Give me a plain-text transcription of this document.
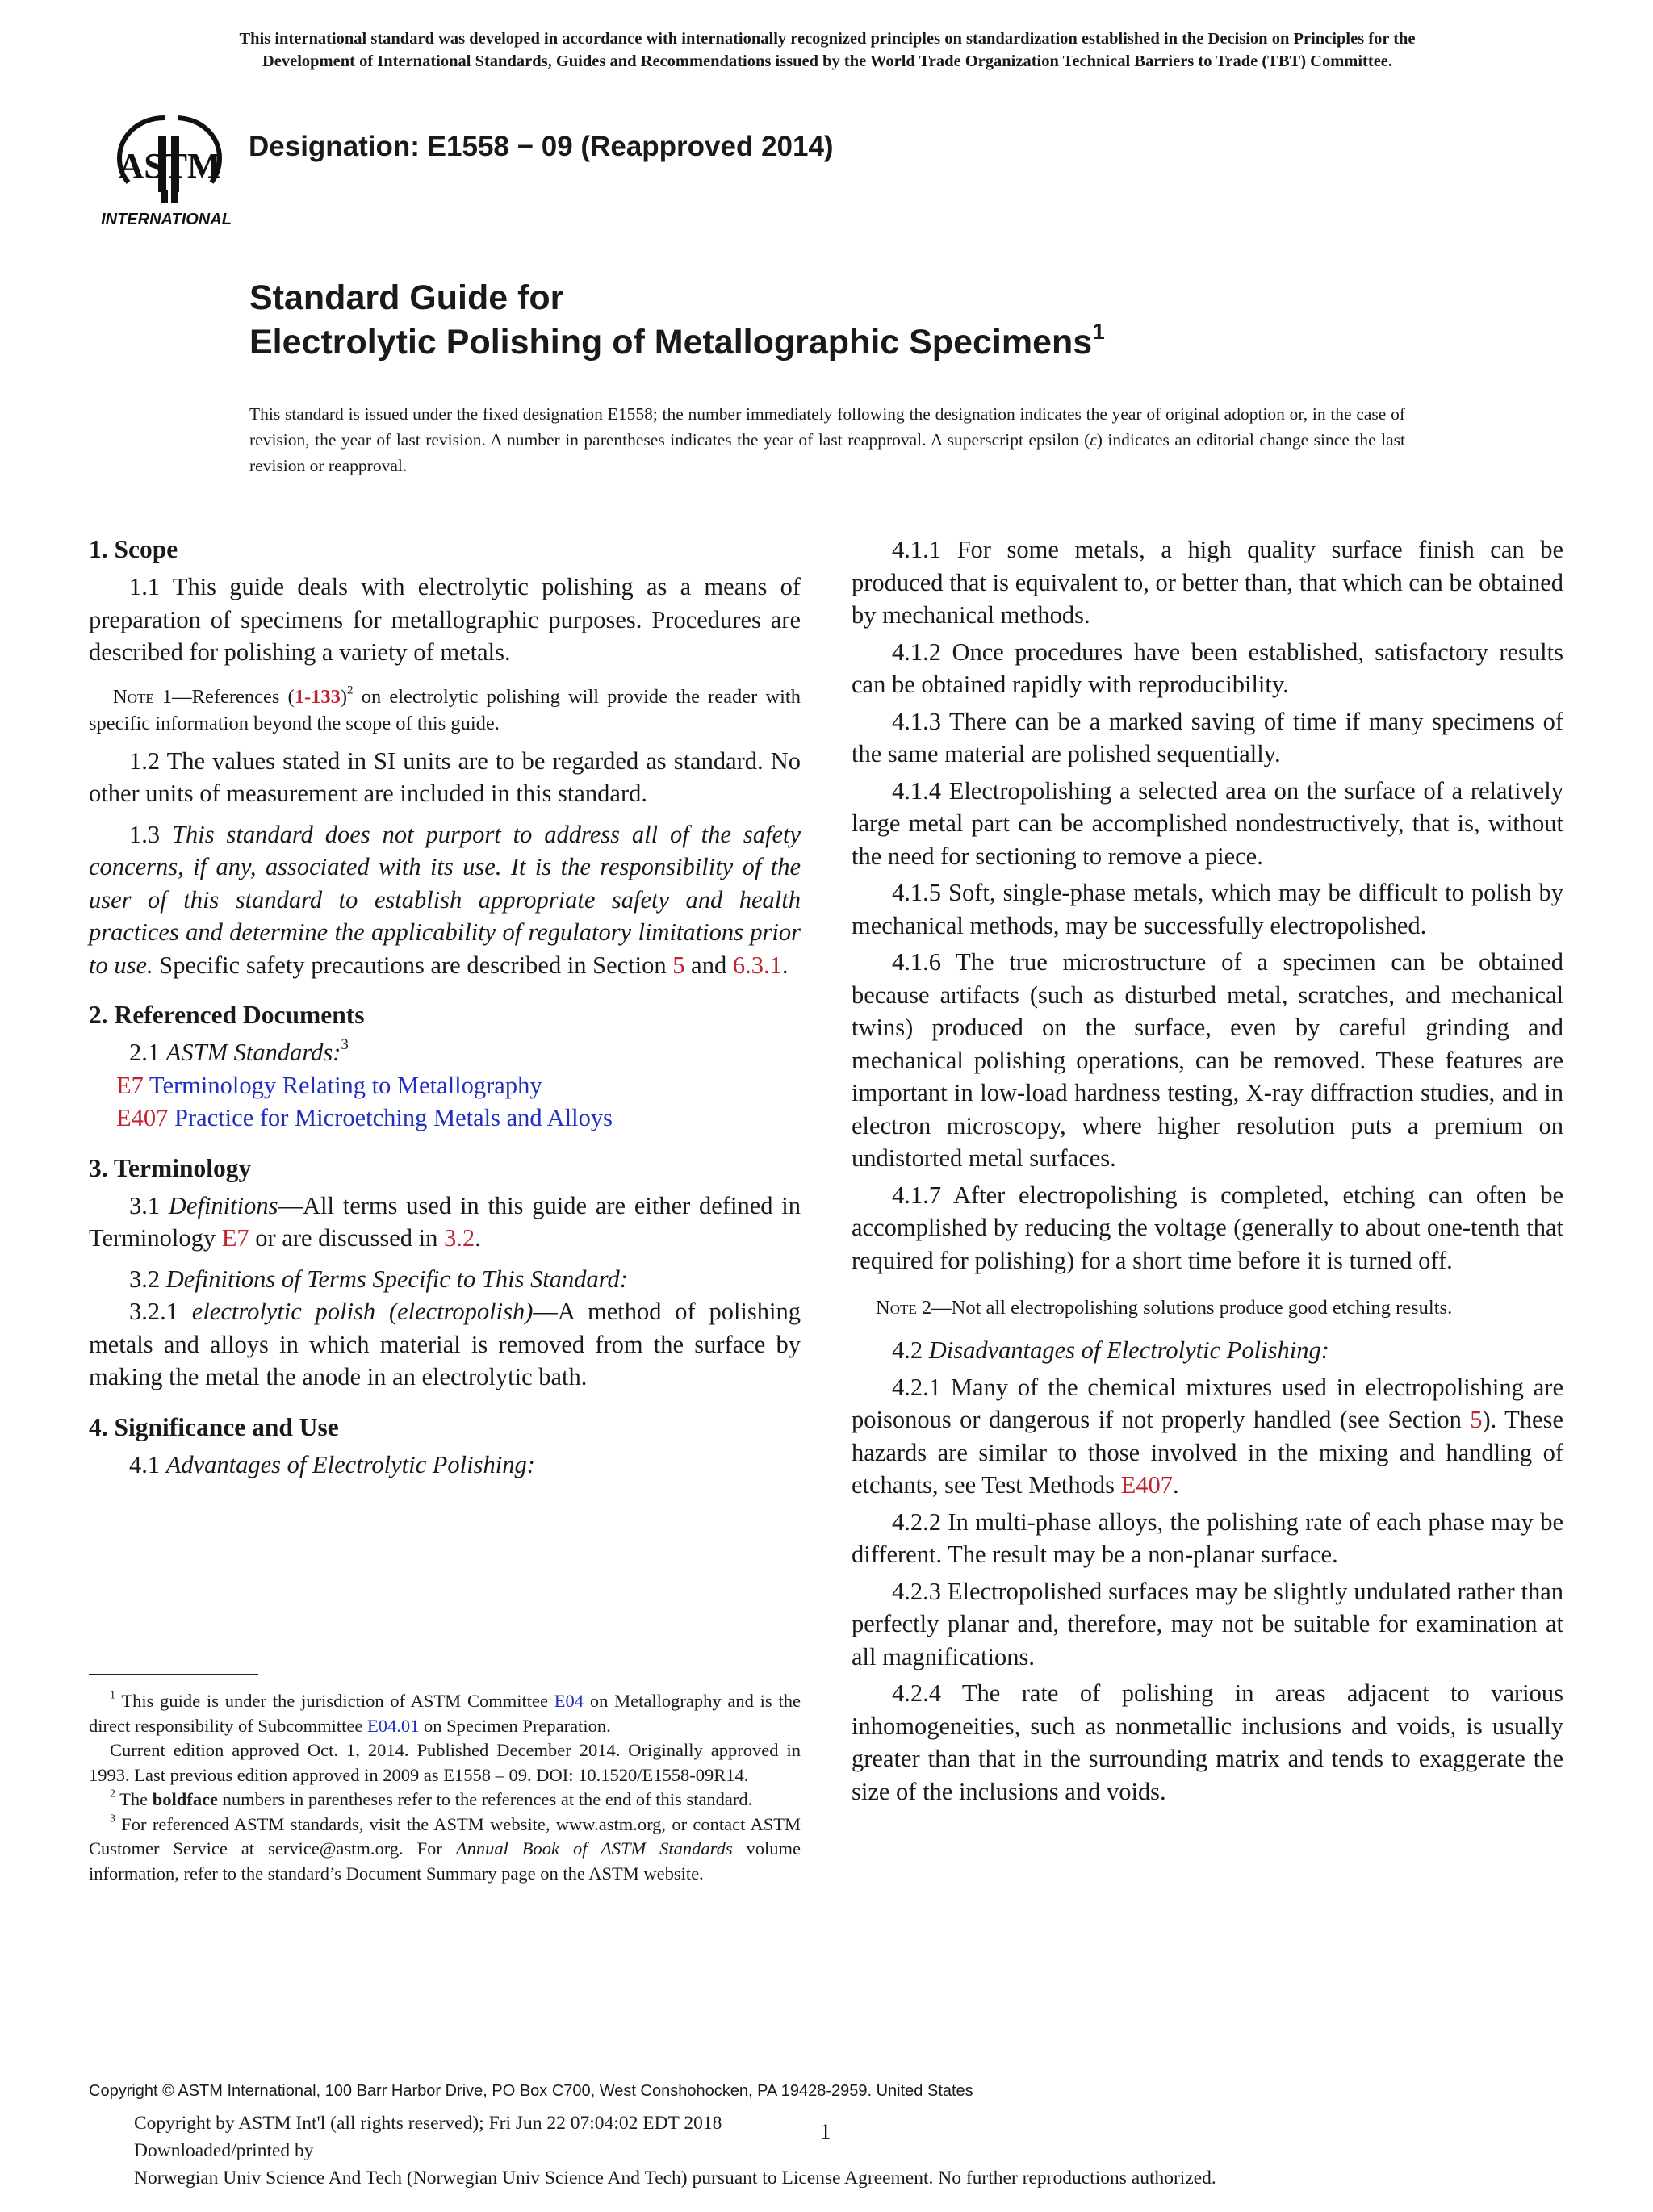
This international standard was developed in accordance with internationally recognized principles on standardization established in the Decision on Principles for the
Development of International Standards, Guides and Recommendations issued by the World Trade Organization Technical Barriers to Trade (TBT) Committee.
ASTM
INTERNATIONAL
Designation: E1558 − 09 (Reapproved 2014)
Standard Guide for
Electrolytic Polishing of Metallographic Specimens$^1$
This standard is issued under the fixed designation E1558; the number immediately following the designation indicates the year of original adoption or, in the case of revision, the year of last revision. A number in parentheses indicates the year of last reapproval. A superscript epsilon (ε) indicates an editorial change since the last revision or reapproval.
1. Scope

1.1 This guide deals with electrolytic polishing as a means of preparation of specimens for metallographic purposes. Procedures are described for polishing a variety of metals.

Note 1—References $(1-133)^2$ on electrolytic polishing will provide the reader with specific information beyond the scope of this guide.

1.2 The values stated in SI units are to be regarded as standard. No other units of measurement are included in this standard.

1.3 This standard does not purport to address all of the safety concerns, if any, associated with its use. It is the responsibility of the user of this standard to establish appropriate safety and health practices and determine the applicability of regulatory limitations prior to use. Specific safety precautions are described in Section 5 and 6.3.1.

2. Referenced Documents

2.1 ASTM Standards:$^3$

E7 Terminology Relating to Metallography

E407 Practice for Microetching Metals and Alloys

3. Terminology

3.1 Definitions—All terms used in this guide are either defined in Terminology E7 or are discussed in 3.2.

3.2 Definitions of Terms Specific to This Standard:

3.2.1 electrolytic polish (electropolish)—A method of polishing metals and alloys in which material is removed from the surface by making the metal the anode in an electrolytic bath.

4. Significance and Use

4.1 Advantages of Electrolytic Polishing:

4.1.1 For some metals, a high quality surface finish can be produced that is equivalent to, or better than, that which can be obtained by mechanical methods.

4.1.2 Once procedures have been established, satisfactory results can be obtained rapidly with reproducibility.

4.1.3 There can be a marked saving of time if many specimens of the same material are polished sequentially.

4.1.4 Electropolishing a selected area on the surface of a relatively large metal part can be accomplished nondestructively, that is, without the need for sectioning to remove a piece.

4.1.5 Soft, single-phase metals, which may be difficult to polish by mechanical methods, may be successfully electropolished.

4.1.6 The true microstructure of a specimen can be obtained because artifacts (such as disturbed metal, scratches, and mechanical twins) produced on the surface, even by careful grinding and mechanical polishing operations, can be removed. These features are important in low-load hardness testing, X-ray diffraction studies, and in electron microscopy, where higher resolution puts a premium on undistorted metal surfaces.

4.1.7 After electropolishing is completed, etching can often be accomplished by reducing the voltage (generally to about one-tenth that required for polishing) for a short time before it is turned off.

Note 2—Not all electropolishing solutions produce good etching results.

4.2 Disadvantages of Electrolytic Polishing:

4.2.1 Many of the chemical mixtures used in electropolishing are poisonous or dangerous if not properly handled (see Section 5). These hazards are similar to those involved in the mixing and handling of etchants, see Test Methods E407.

4.2.2 In multi-phase alloys, the polishing rate of each phase may be different. The result may be a non-planar surface.

4.2.3 Electropolished surfaces may be slightly undulated rather than perfectly planar and, therefore, may not be suitable for examination at all magnifications.

4.2.4 The rate of polishing in areas adjacent to various inhomogeneities, such as nonmetallic inclusions and voids, is usually greater than that in the surrounding matrix and tends to exaggerate the size of the inclusions and voids.

$^1$ This guide is under the jurisdiction of ASTM Committee E04 on Metallography and is the direct responsibility of Subcommittee E04.01 on Specimen Preparation.

Current edition approved Oct. 1, 2014. Published December 2014. Originally approved in 1993. Last previous edition approved in 2009 as E1558 – 09. DOI: 10.1520/E1558-09R14.

$^2$ The boldface numbers in parentheses refer to the references at the end of this standard.

$^3$ For referenced ASTM standards, visit the ASTM website, www.astm.org, or contact ASTM Customer Service at service@astm.org. For Annual Book of ASTM Standards volume information, refer to the standard’s Document Summary page on the ASTM website.

Copyright © ASTM International, 100 Barr Harbor Drive, PO Box C700, West Conshohocken, PA 19428-2959. United States
1
Copyright by ASTM Int'l (all rights reserved); Fri Jun 22 07:04:02 EDT 2018
Downloaded/printed by
Norwegian Univ Science And Tech (Norwegian Univ Science And Tech) pursuant to License Agreement. No further reproductions authorized.
